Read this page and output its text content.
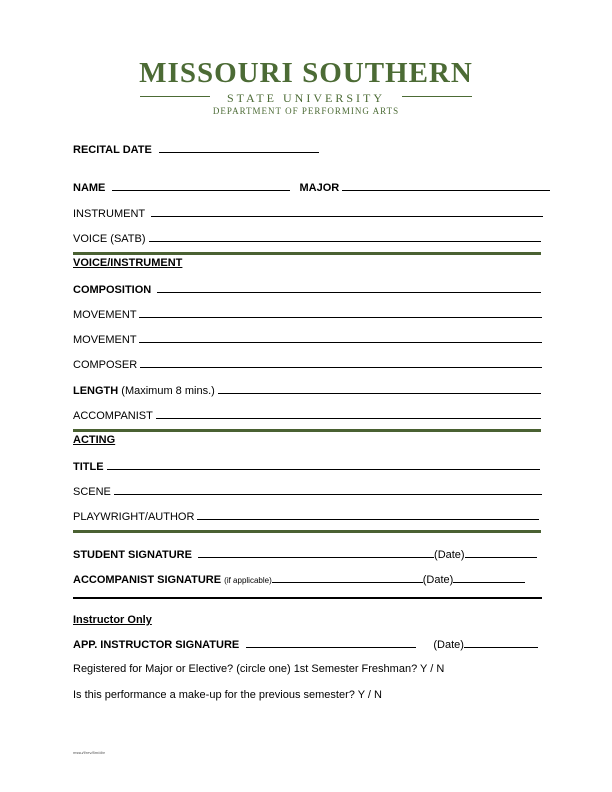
MISSOURI SOUTHERN
STATE UNIVERSITY
DEPARTMENT OF PERFORMING ARTS
RECITAL DATE
NAME	MAJOR
INSTRUMENT
VOICE (SATB)
VOICE/INSTRUMENT
COMPOSITION
MOVEMENT
MOVEMENT
COMPOSER
LENGTH (Maximum 8 mins.)
ACCOMPANIST
ACTING
TITLE
SCENE
PLAYWRIGHT/AUTHOR
STUDENT SIGNATURE	(Date)
ACCOMPANIST SIGNATURE (if applicable)	(Date)
Instructor Only
APP. INSTRUCTOR SIGNATURE	(Date)
Registered for Major or Elective? (circle one) 1st Semester Freshman? Y / N
Is this performance a make-up for the previous semester? Y / N
mssu/f/rev/8m/dbr
